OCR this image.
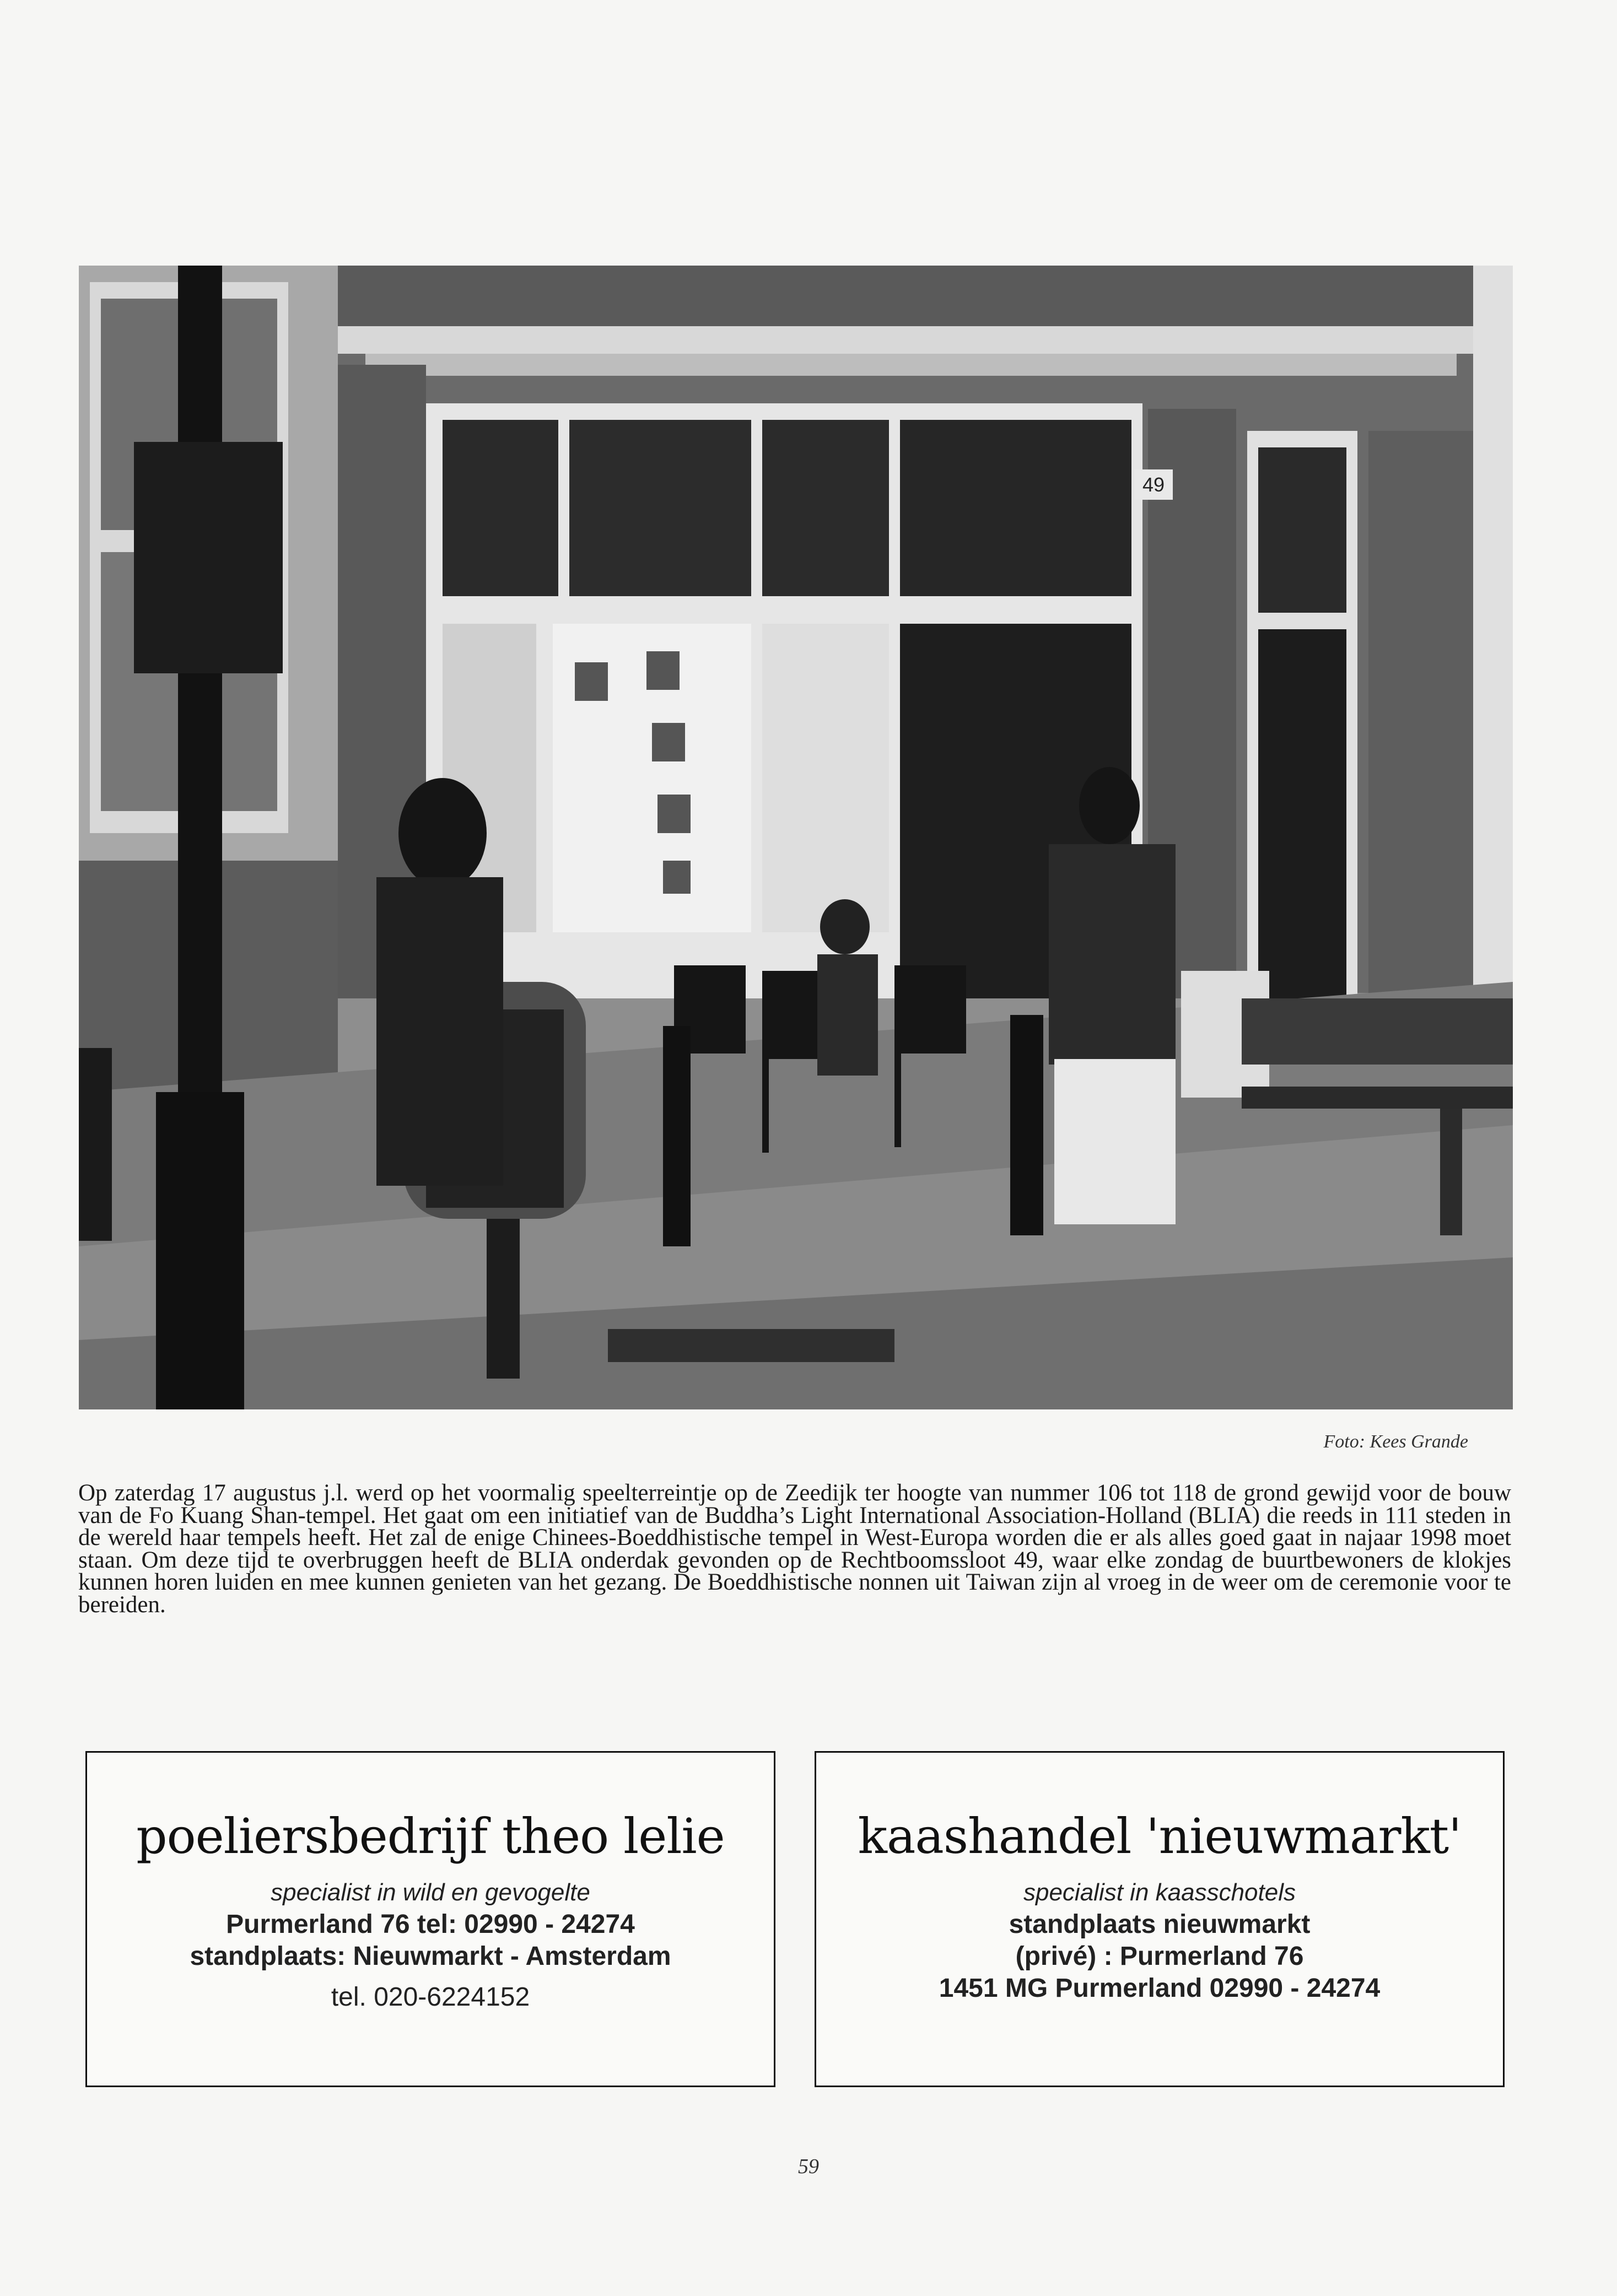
49
Foto: Kees Grande
Op zaterdag 17 augustus j.l. werd op het voormalig speelterreintje op de Zeedijk ter hoogte van nummer 106 tot 118 de grond gewijd voor de bouw van de Fo Kuang Shan-tempel. Het gaat om een initiatief van de Buddha’s Light International Association-Holland (BLIA) die reeds in 111 steden in de wereld haar tempels heeft. Het zal de enige Chinees-Boeddhistische tempel in West-Europa worden die er als alles goed gaat in najaar 1998 moet staan. Om deze tijd te overbruggen heeft de BLIA onderdak gevonden op de Rechtboomssloot 49, waar elke zondag de buurtbewoners de klokjes kunnen horen luiden en mee kunnen genieten van het gezang. De Boeddhistische nonnen uit Taiwan zijn al vroeg in de weer om de ceremonie voor te bereiden.
poeliersbedrijf theo lelie
specialist in wild en gevogelte
Purmerland 76 tel: 02990 - 24274
standplaats: Nieuwmarkt - Amsterdam
tel. 020-6224152
kaashandel 'nieuwmarkt'
specialist in kaasschotels
standplaats nieuwmarkt
(privé) : Purmerland 76
1451 MG Purmerland 02990 - 24274
59
